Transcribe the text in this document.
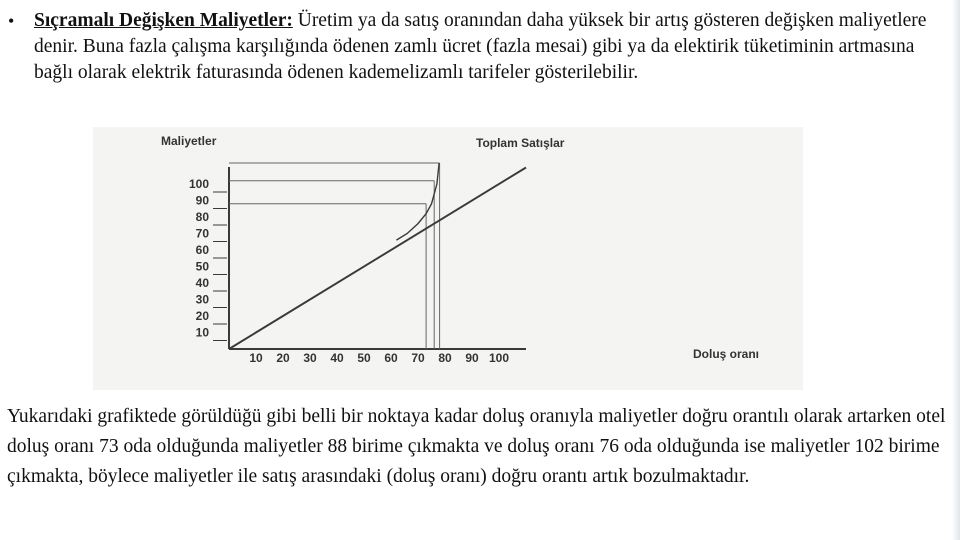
• Sıçramalı Değişken Maliyetler: Üretim ya da satış oranından daha yüksek bir artış gösteren değişken maliyetlere denir. Buna fazla çalışma karşılığında ödenen zamlı ücret (fazla mesai) gibi ya da elektirik tüketiminin artmasına bağlı olarak elektrik faturasında ödenen kademelizamlı tarifeler gösterilebilir.
Maliyetler
Doluş oranı
Toplam Satışlar
100
90
80
70
60
50
40
30
20
10
10 20 30 40 50 60 70 80 90 100
Yukarıdaki grafiktede görüldüğü gibi belli bir noktaya kadar doluş oranıyla maliyetler doğru orantılı olarak artarken otel doluş oranı 73 oda olduğunda maliyetler 88 birime çıkmakta ve doluş oranı 76 oda olduğunda ise maliyetler 102 birime çıkmakta, böylece maliyetler ile satış arasındaki (doluş oranı) doğru orantı artık bozulmaktadır.
